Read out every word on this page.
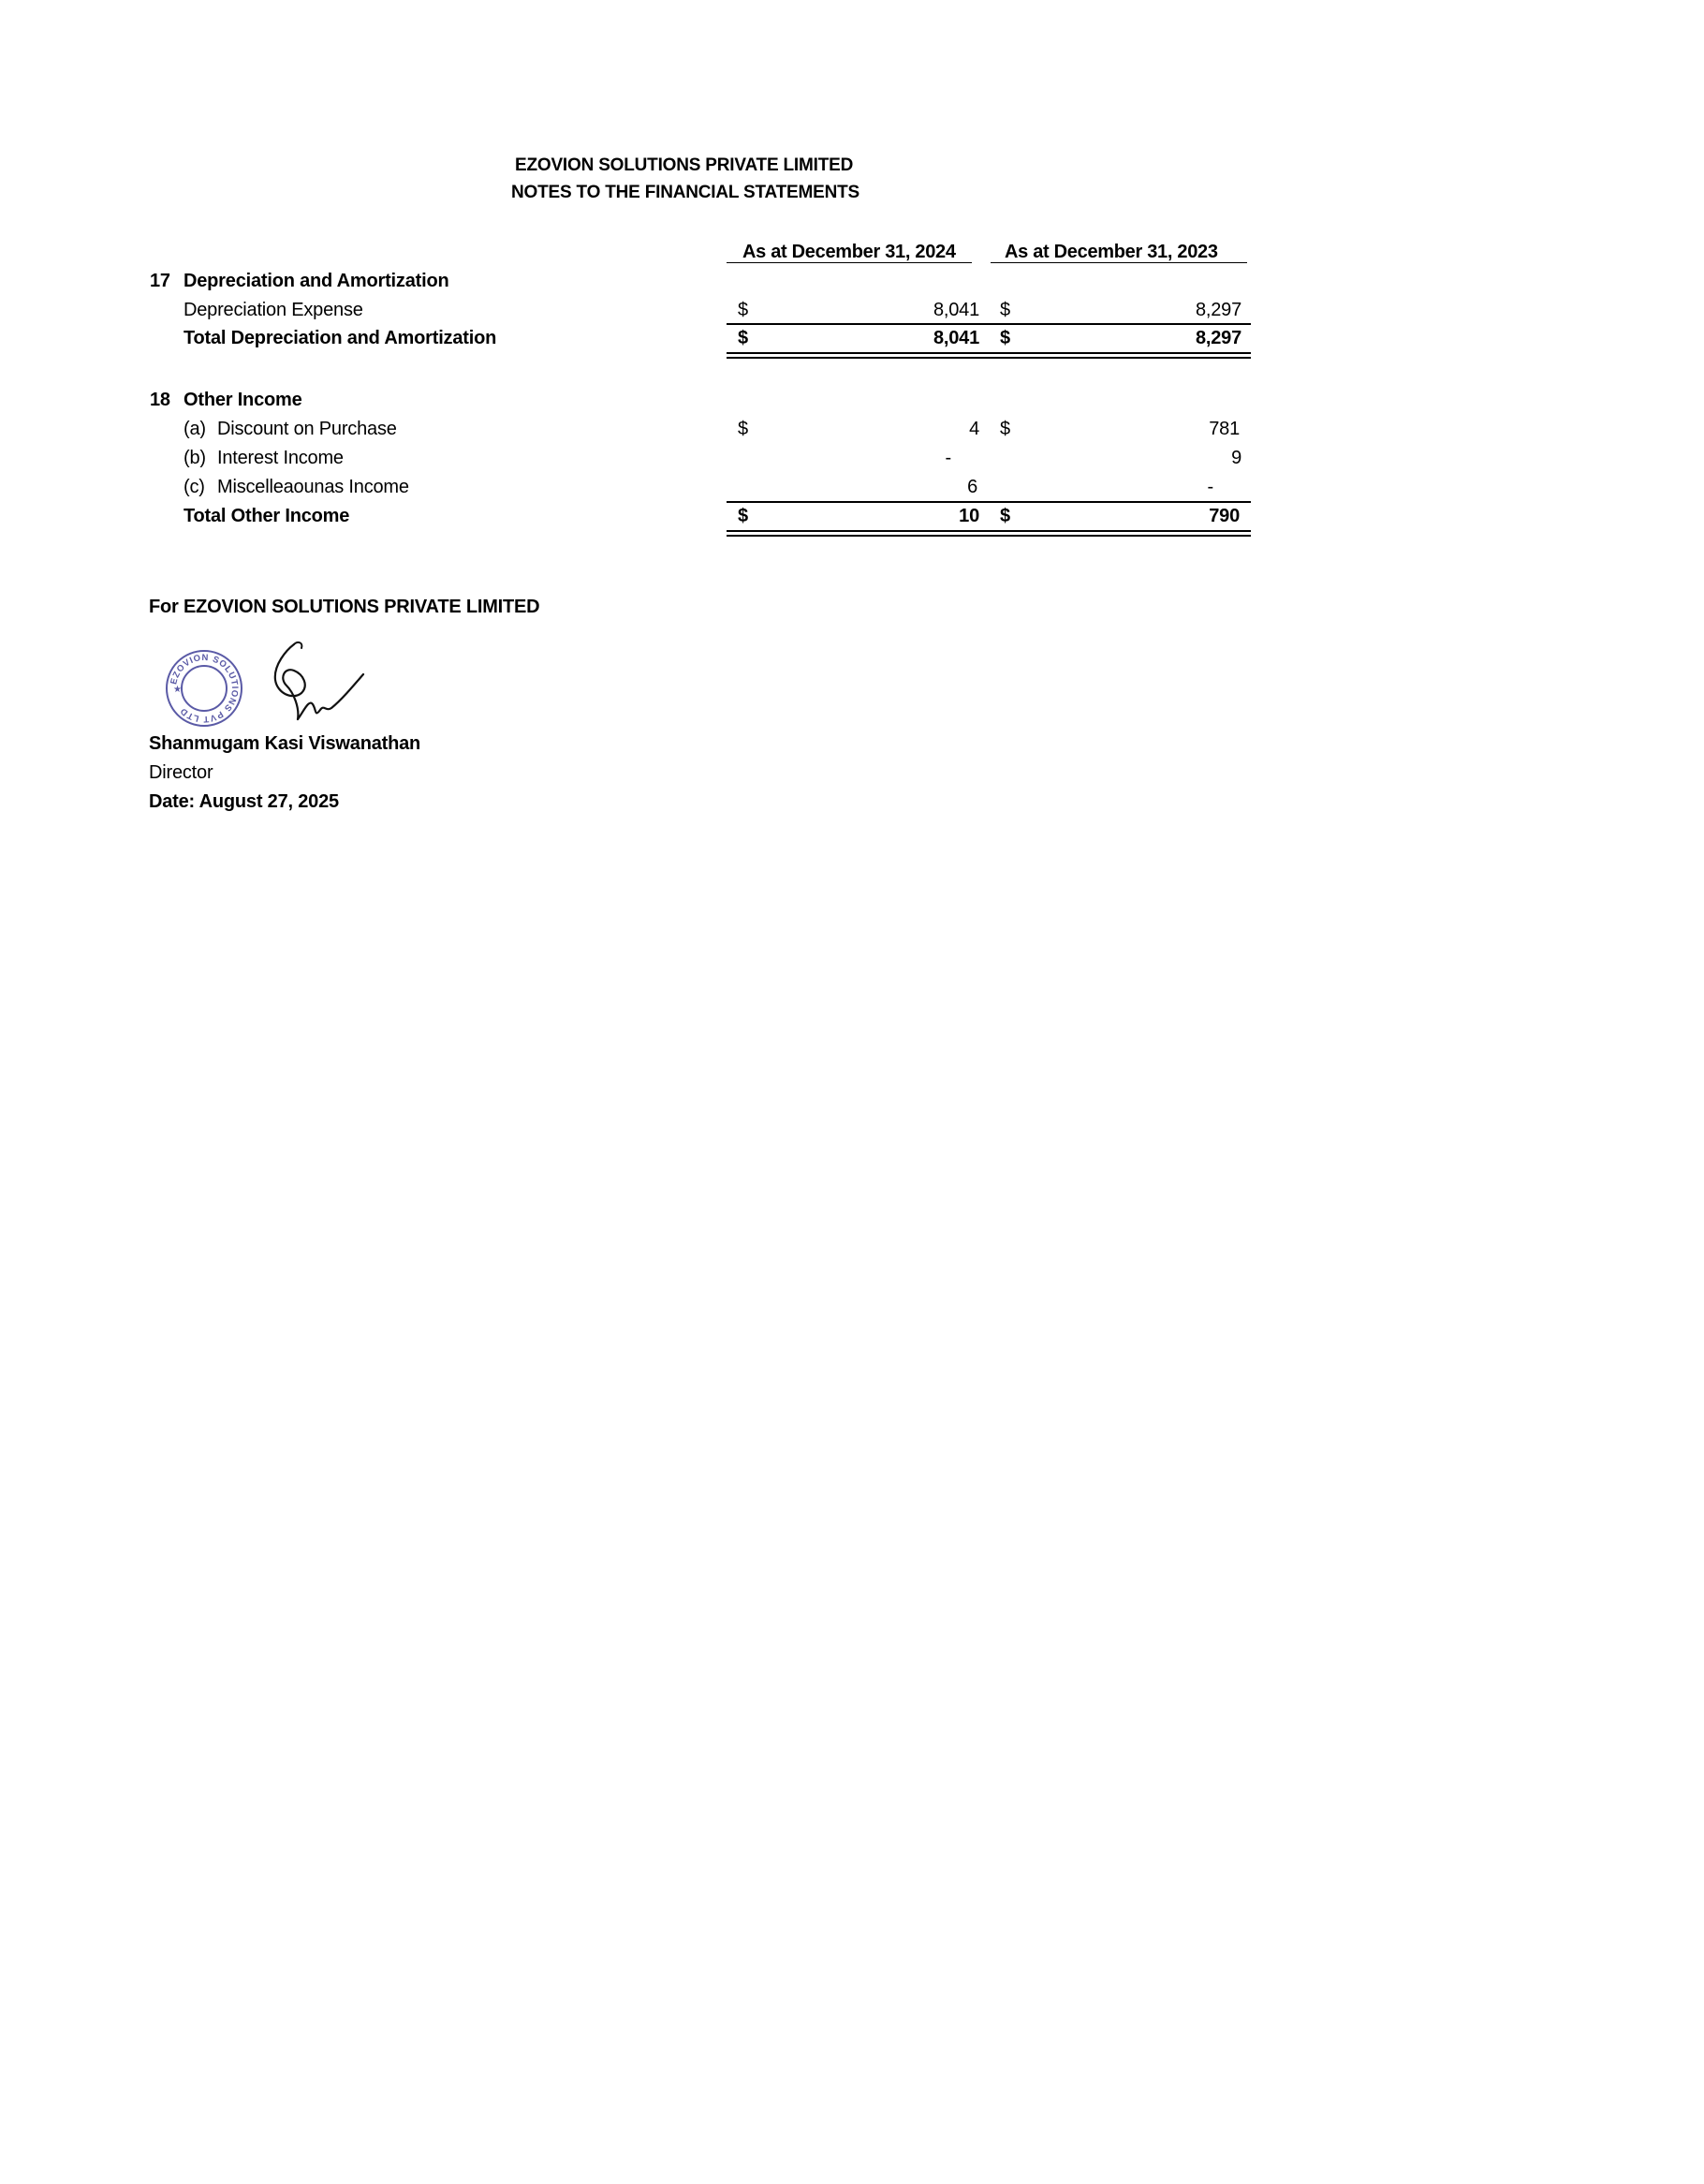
EZOVION SOLUTIONS PRIVATE LIMITED
NOTES TO THE FINANCIAL STATEMENTS
As at December 31, 2024	As at December 31, 2023
17 Depreciation and Amortization
Depreciation Expense	$	8,041 $	8,297
Total Depreciation and Amortization	$	8,041 $	8,297
18 Other Income
(a) Discount on Purchase	$	4 $	781
(b) Interest Income	-	9
(c) Miscelleaounas Income	6	-
Total Other Income	$	10 $	790
For EZOVION SOLUTIONS PRIVATE LIMITED
EZOVION SOLUTIONS PVT LTD
★
Shanmugam Kasi Viswanathan
Director
Date: August 27, 2025
